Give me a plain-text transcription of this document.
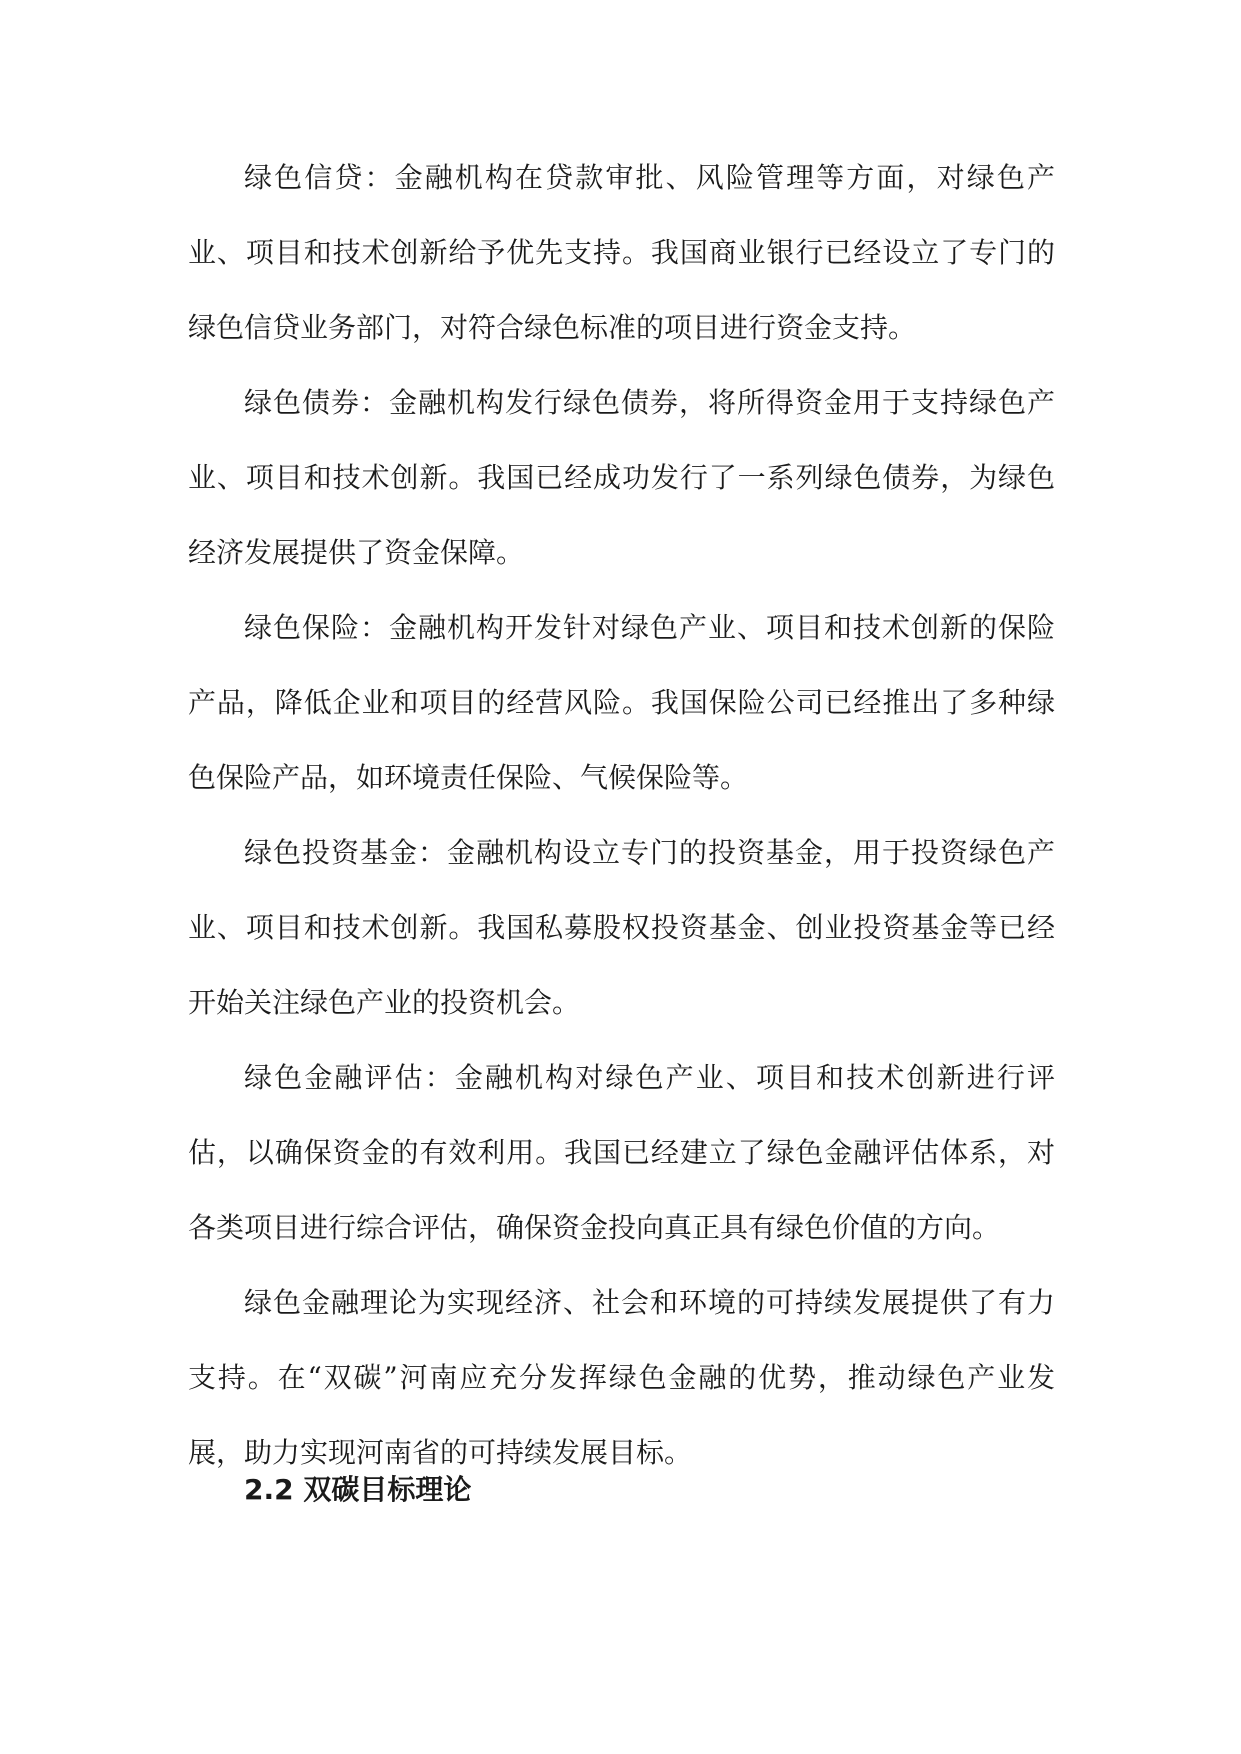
绿色信贷：金融机构在贷款审批、风险管理等方面，对绿色产业、项目和技术创新给予优先支持。我国商业银行已经设立了专门的绿色信贷业务部门，对符合绿色标准的项目进行资金支持。

绿色债券：金融机构发行绿色债券，将所得资金用于支持绿色产业、项目和技术创新。我国已经成功发行了一系列绿色债券，为绿色经济发展提供了资金保障。

绿色保险：金融机构开发针对绿色产业、项目和技术创新的保险产品，降低企业和项目的经营风险。我国保险公司已经推出了多种绿色保险产品，如环境责任保险、气候保险等。

绿色投资基金：金融机构设立专门的投资基金，用于投资绿色产业、项目和技术创新。我国私募股权投资基金、创业投资基金等已经开始关注绿色产业的投资机会。

绿色金融评估：金融机构对绿色产业、项目和技术创新进行评估，以确保资金的有效利用。我国已经建立了绿色金融评估体系，对各类项目进行综合评估，确保资金投向真正具有绿色价值的方向。

绿色金融理论为实现经济、社会和环境的可持续发展提供了有力支持。在“双碳”河南应充分发挥绿色金融的优势，推动绿色产业发展，助力实现河南省的可持续发展目标。

2.2 双碳目标理论
